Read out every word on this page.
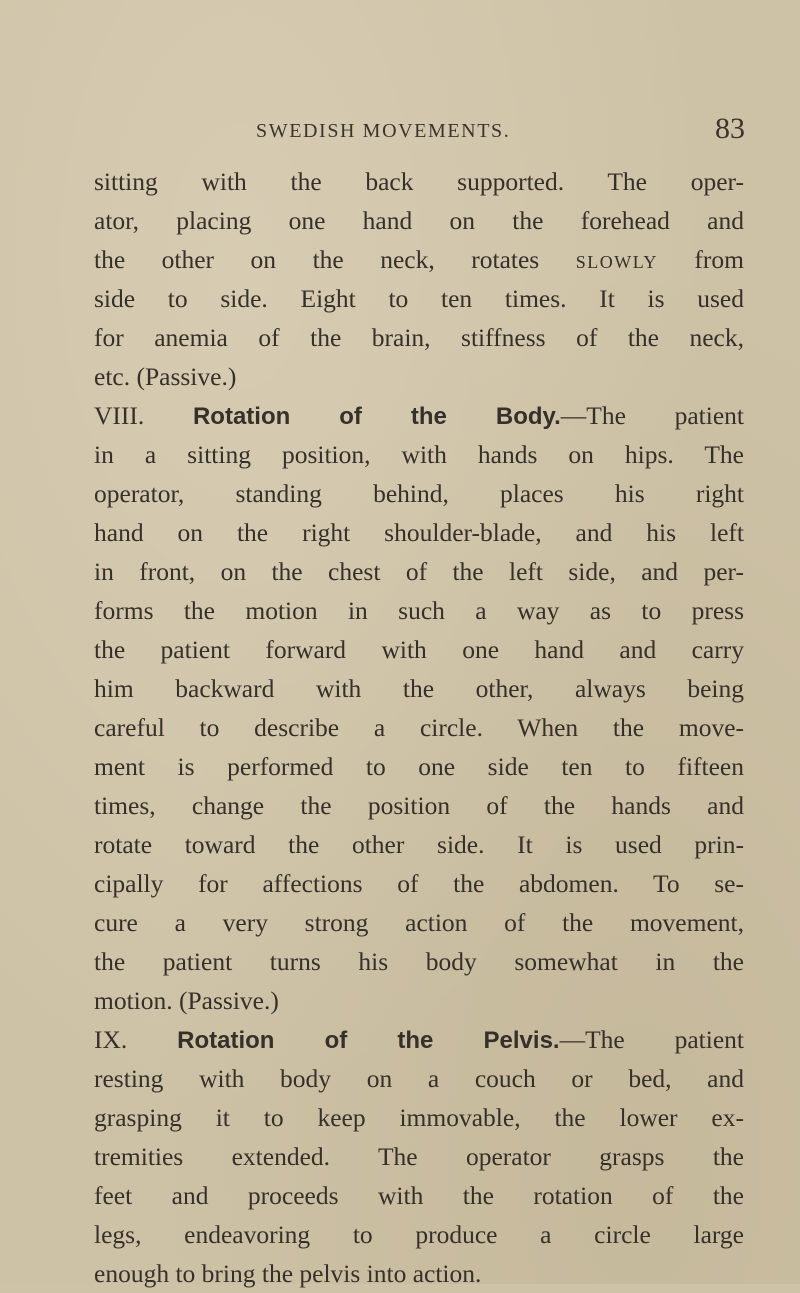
SWEDISH MOVEMENTS.	83
sitting with the back supported. The oper-
ator, placing one hand on the forehead and
the other on the neck, rotates slowly from
side to side. Eight to ten times. It is used
for anemia of the brain, stiffness of the neck,
etc. (Passive.)
VIII. Rotation of the Body.—The patient
in a sitting position, with hands on hips. The
operator, standing behind, places his right
hand on the right shoulder-blade, and his left
in front, on the chest of the left side, and per-
forms the motion in such a way as to press
the patient forward with one hand and carry
him backward with the other, always being
careful to describe a circle. When the move-
ment is performed to one side ten to fifteen
times, change the position of the hands and
rotate toward the other side. It is used prin-
cipally for affections of the abdomen. To se-
cure a very strong action of the movement,
the patient turns his body somewhat in the
motion. (Passive.)
IX. Rotation of the Pelvis.—The patient
resting with body on a couch or bed, and
grasping it to keep immovable, the lower ex-
tremities extended. The operator grasps the
feet and proceeds with the rotation of the
legs, endeavoring to produce a circle large
enough to bring the pelvis into action.
